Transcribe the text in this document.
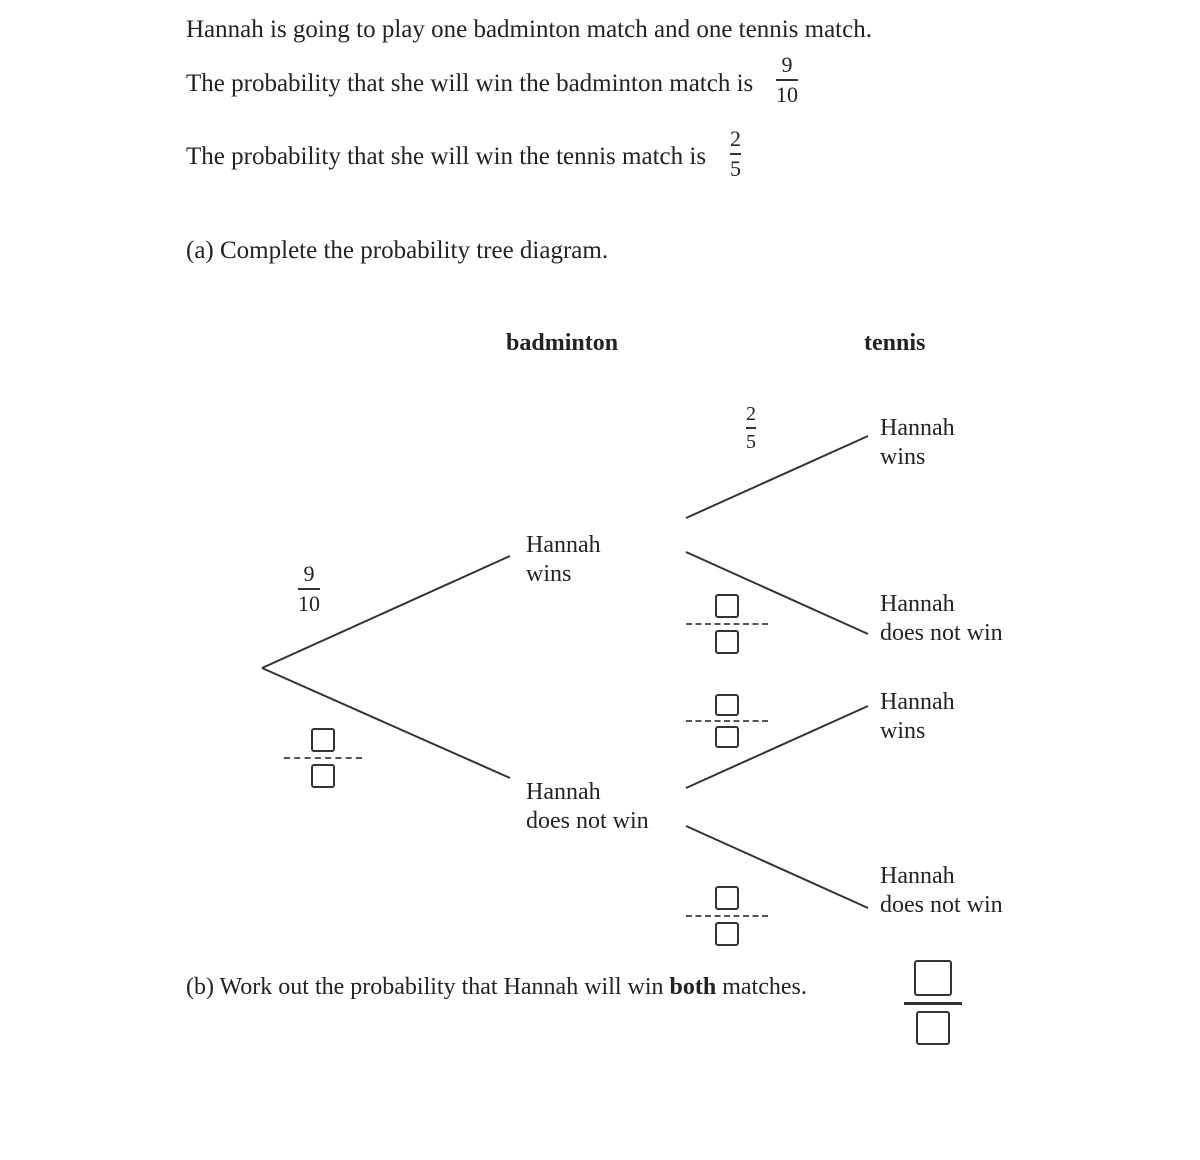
Hannah is going to play one badminton match and one tennis match.
The probability that she will win the badminton match is
9
10
The probability that she will win the tennis match is
2
5
(a) Complete the probability tree diagram.
badminton	tennis
9
10
Hannah
wins
Hannah
does not win
2
5
Hannah
wins
Hannah
does not win
Hannah
wins
Hannah
does not win
(b) Work out the probability that Hannah will win both matches.
